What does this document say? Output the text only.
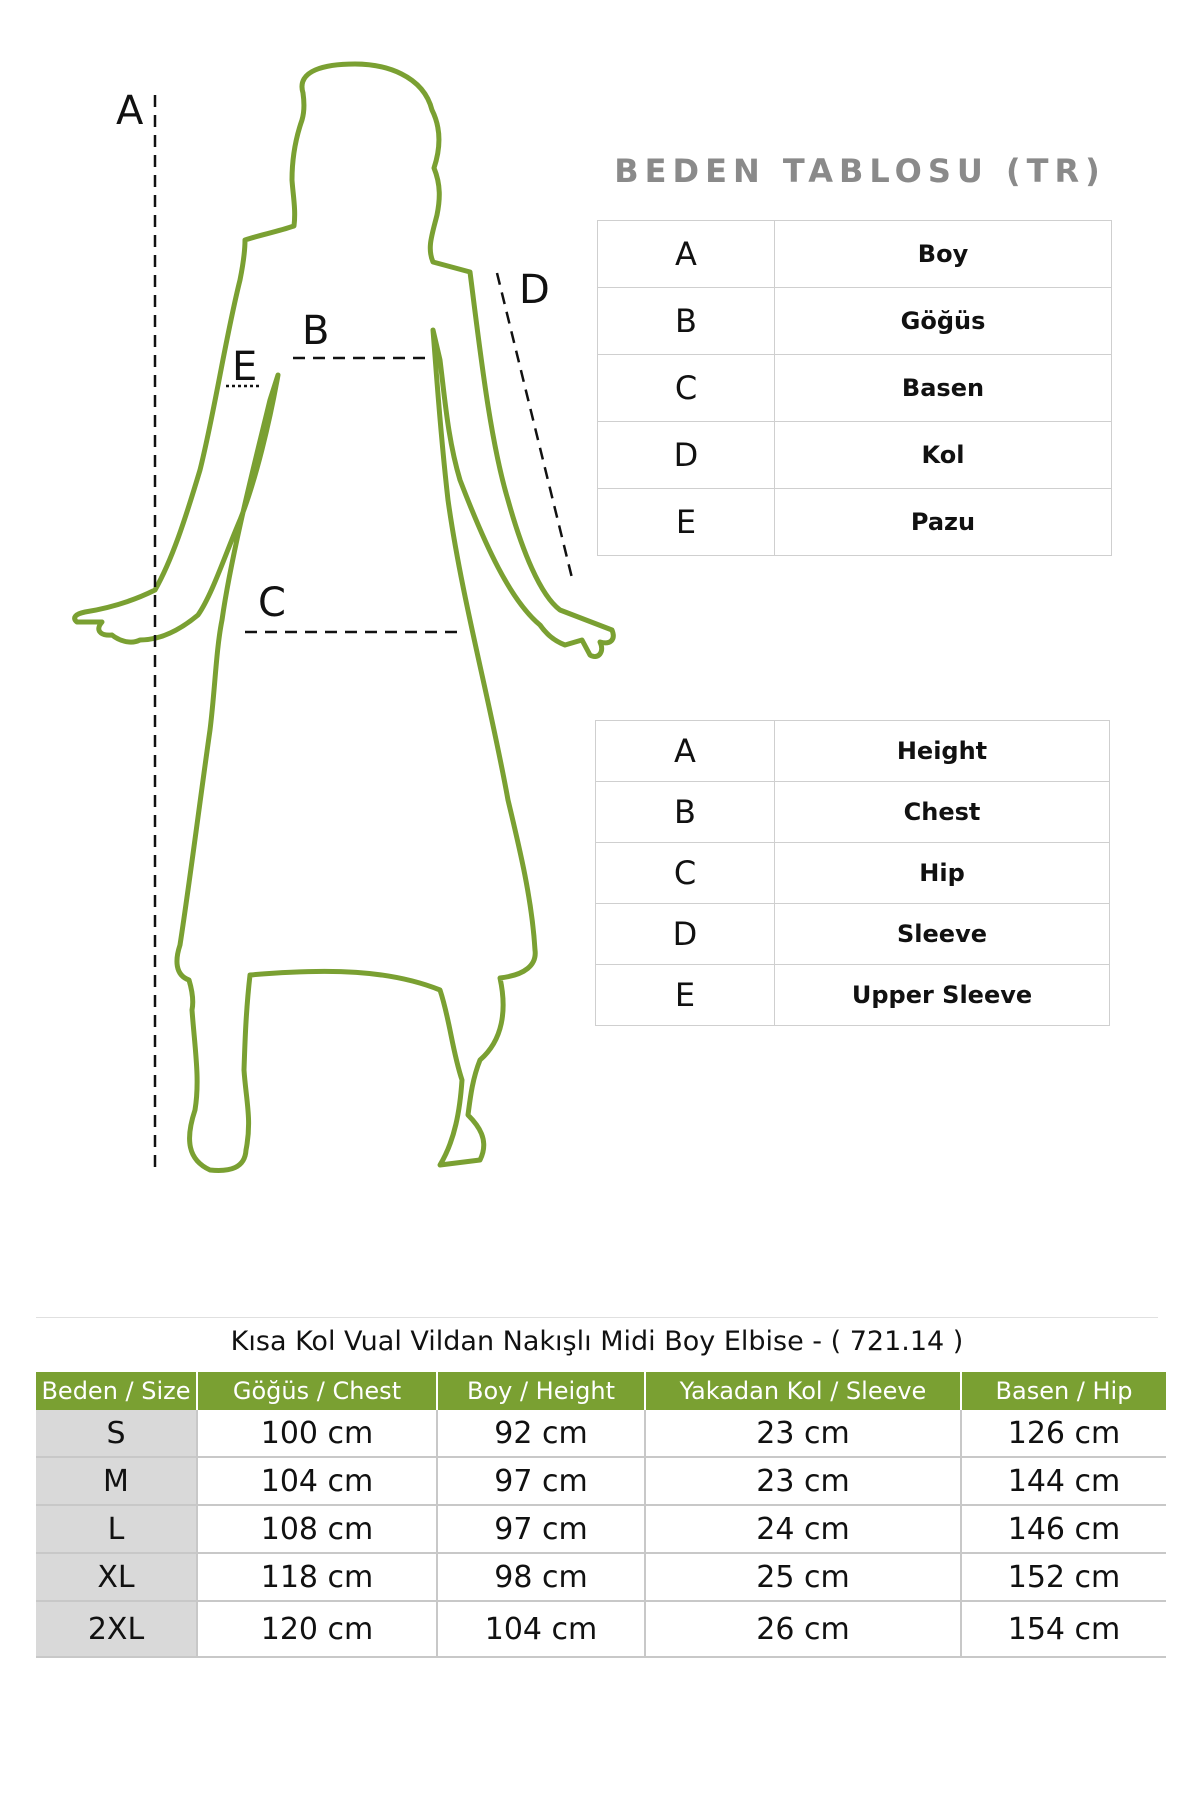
A
B
C
D
E
BEDEN TABLOSU (TR)
A	Boy
B	Göğüs
C	Basen
D	Kol
E	Pazu
A	Height
B	Chest
C	Hip
D	Sleeve
E	Upper Sleeve
Kısa Kol Vual Vildan Nakışlı Midi Boy Elbise - ( 721.14 )
Beden / Size	Göğüs / Chest	Boy / Height	Yakadan Kol / Sleeve	Basen / Hip
S	100 cm	92 cm	23 cm	126 cm
M	104 cm	97 cm	23 cm	144 cm
L	108 cm	97 cm	24 cm	146 cm
XL	118 cm	98 cm	25 cm	152 cm
2XL	120 cm	104 cm	26 cm	154 cm
